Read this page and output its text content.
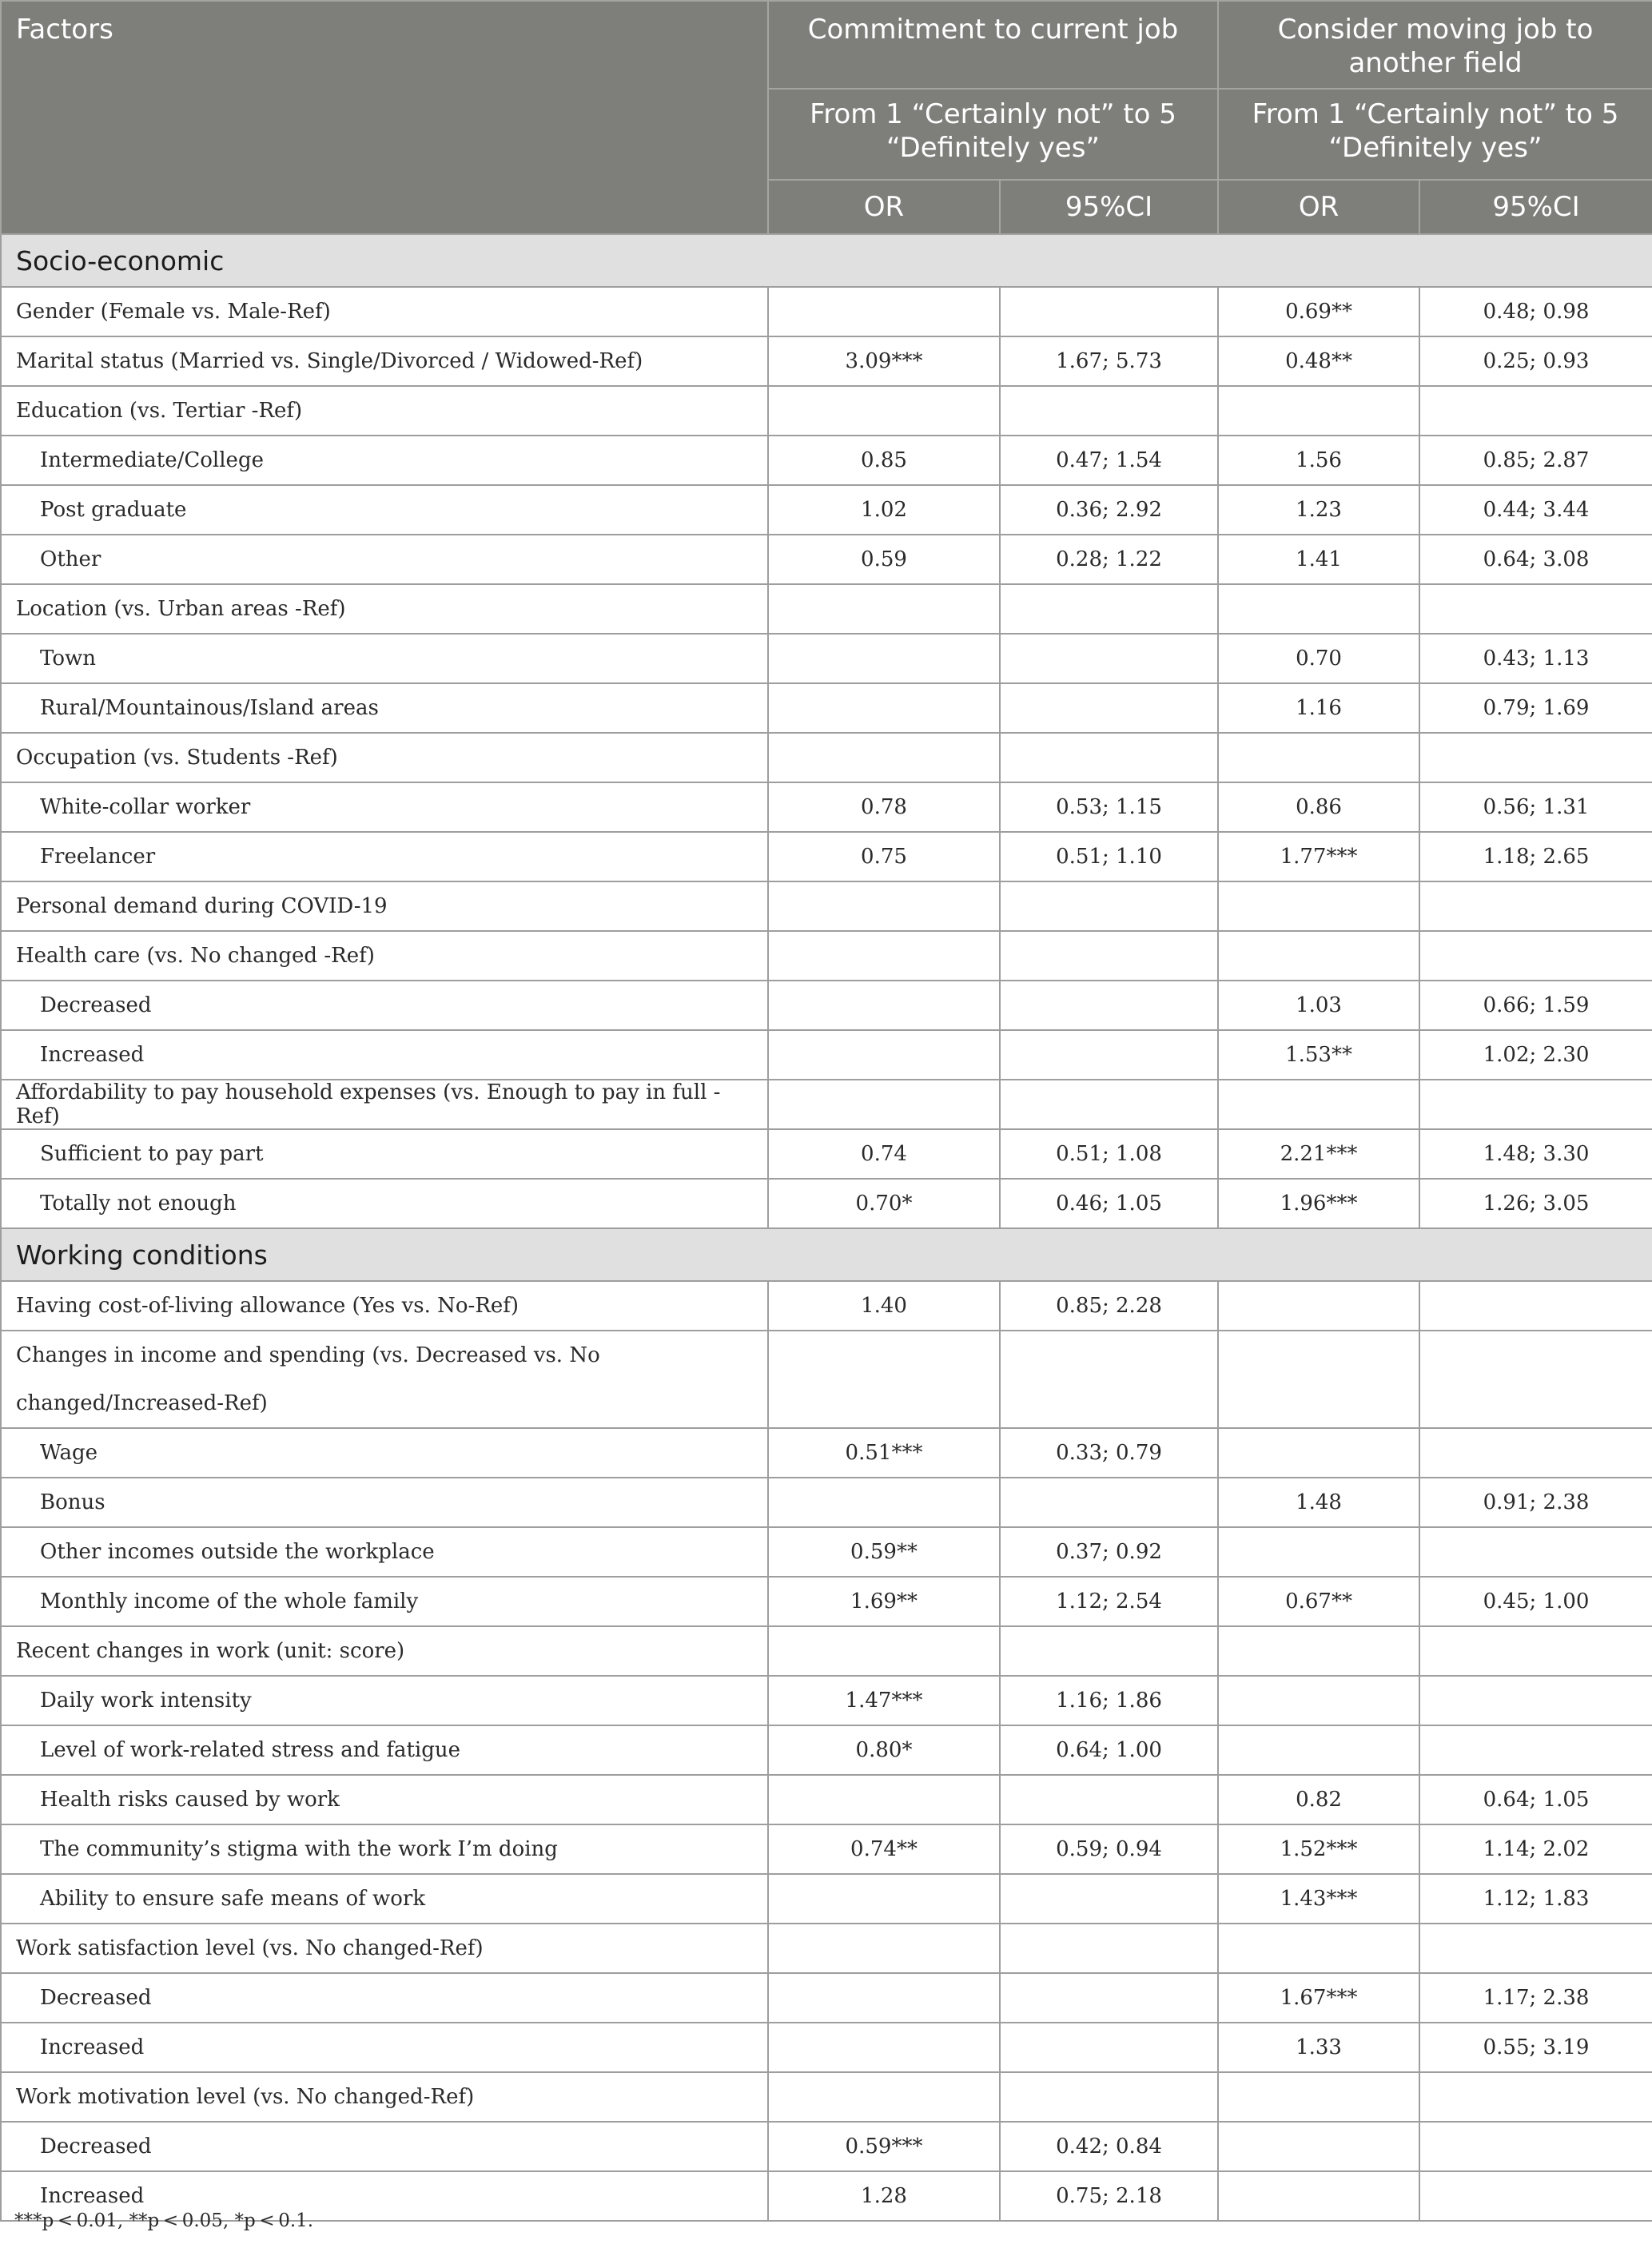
Factors	Commitment to current job		Consider moving job to another field	
	From 1 “Certainly not” to 5 “Definitely yes”		From 1 “Certainly not” to 5 “Definitely yes”	
	OR	95%CI	OR	95%CI
Socio-economic				
Gender (Female vs. Male-Ref)			0.69**	0.48; 0.98
Marital status (Married vs. Single/Divorced / Widowed-Ref)	3.09***	1.67; 5.73	0.48**	0.25; 0.93
Education (vs. Tertiar -Ref)				
Intermediate/College	0.85	0.47; 1.54	1.56	0.85; 2.87
Post graduate	1.02	0.36; 2.92	1.23	0.44; 3.44
Other	0.59	0.28; 1.22	1.41	0.64; 3.08
Location (vs. Urban areas -Ref)				
Town			0.70	0.43; 1.13
Rural/Mountainous/Island areas			1.16	0.79; 1.69
Occupation (vs. Students -Ref)				
White-collar worker	0.78	0.53; 1.15	0.86	0.56; 1.31
Freelancer	0.75	0.51; 1.10	1.77***	1.18; 2.65
Personal demand during COVID-19				
Health care (vs. No changed -Ref)				
Decreased			1.03	0.66; 1.59
Increased			1.53**	1.02; 2.30
Affordability to pay household expenses (vs. Enough to pay in full -Ref)				
Sufficient to pay part	0.74	0.51; 1.08	2.21***	1.48; 3.30
Totally not enough	0.70*	0.46; 1.05	1.96***	1.26; 3.05
Working conditions				
Having cost-of-living allowance (Yes vs. No-Ref)	1.40	0.85; 2.28		
Changes in income and spending (vs. Decreased vs. No changed/Increased-Ref)				
Wage	0.51***	0.33; 0.79		
Bonus			1.48	0.91; 2.38
Other incomes outside the workplace	0.59**	0.37; 0.92		
Monthly income of the whole family	1.69**	1.12; 2.54	0.67**	0.45; 1.00
Recent changes in work (unit: score)				
Daily work intensity	1.47***	1.16; 1.86		
Level of work-related stress and fatigue	0.80*	0.64; 1.00		
Health risks caused by work			0.82	0.64; 1.05
The community’s stigma with the work I’m doing	0.74**	0.59; 0.94	1.52***	1.14; 2.02
Ability to ensure safe means of work			1.43***	1.12; 1.83
Work satisfaction level (vs. No changed-Ref)				
Decreased			1.67***	1.17; 2.38
Increased			1.33	0.55; 3.19
Work motivation level (vs. No changed-Ref)				
Decreased	0.59***	0.42; 0.84		
Increased	1.28	0.75; 2.18		
***p < 0.01, **p < 0.05, *p < 0.1.
